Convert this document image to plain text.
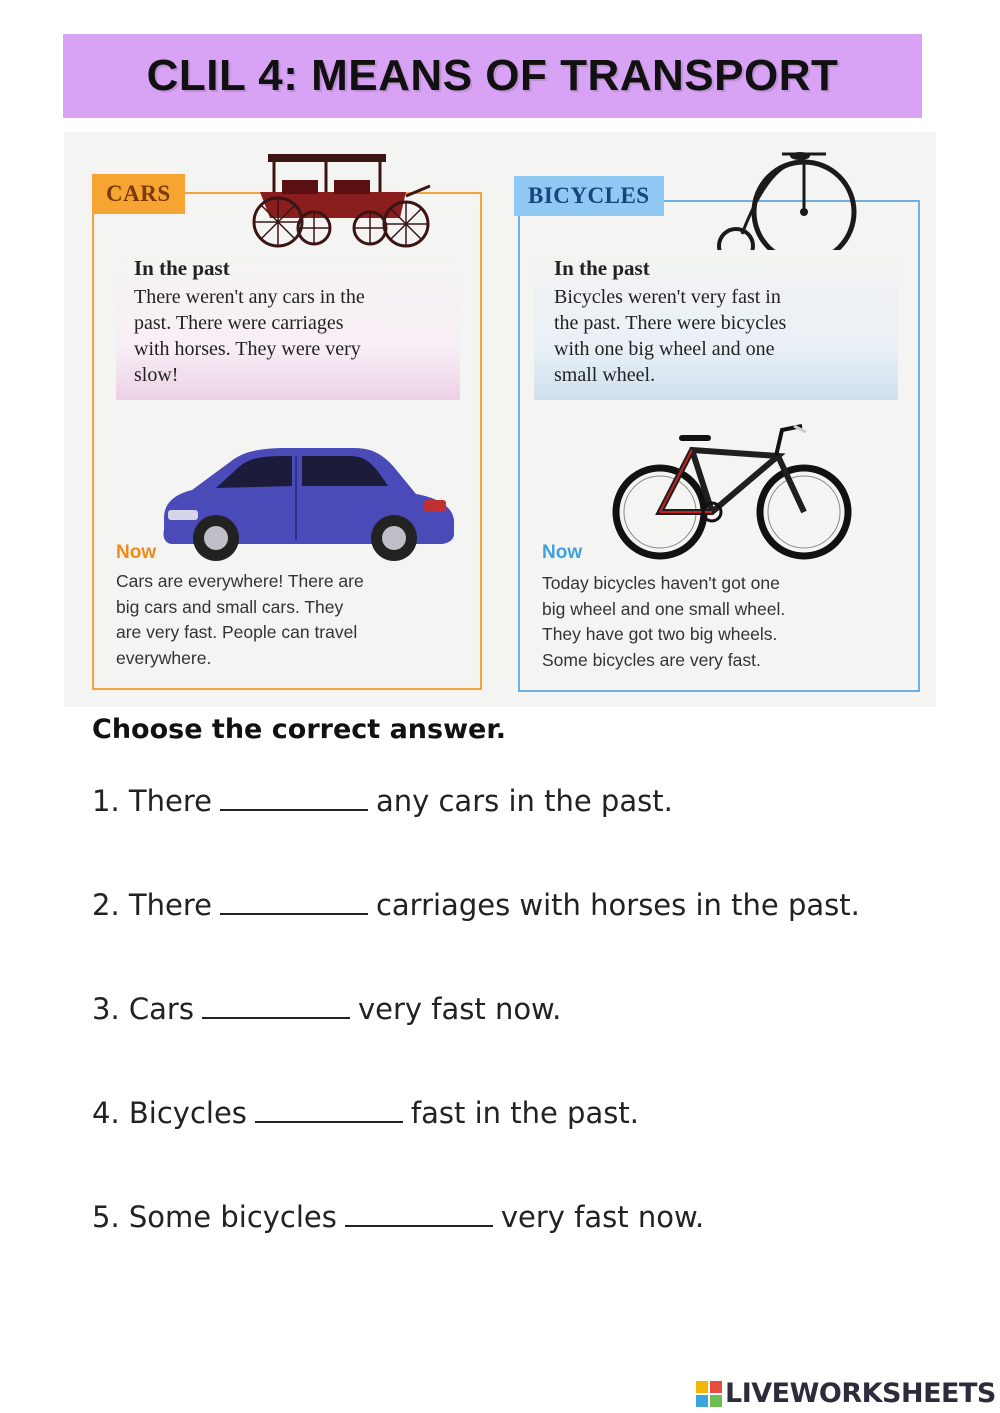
CLIL 4: MEANS OF TRANSPORT
CARS
In the past
There weren't any cars in the
past. There were carriages
with horses. They were very
slow!
Now
Cars are everywhere! There are
big cars and small cars. They
are very fast. People can travel
everywhere.
BICYCLES
In the past
Bicycles weren't very fast in
the past. There were bicycles
with one big wheel and one
small wheel.
Now
Today bicycles haven't got one
big wheel and one small wheel.
They have got two big wheels.
Some bicycles are very fast.
Choose the correct answer.
1. There	any cars in the past.
2. There	carriages with horses in the past.
3. Cars	very fast now.
4. Bicycles	fast in the past.
5. Some bicycles	very fast now.
LIVEWORKSHEETS
